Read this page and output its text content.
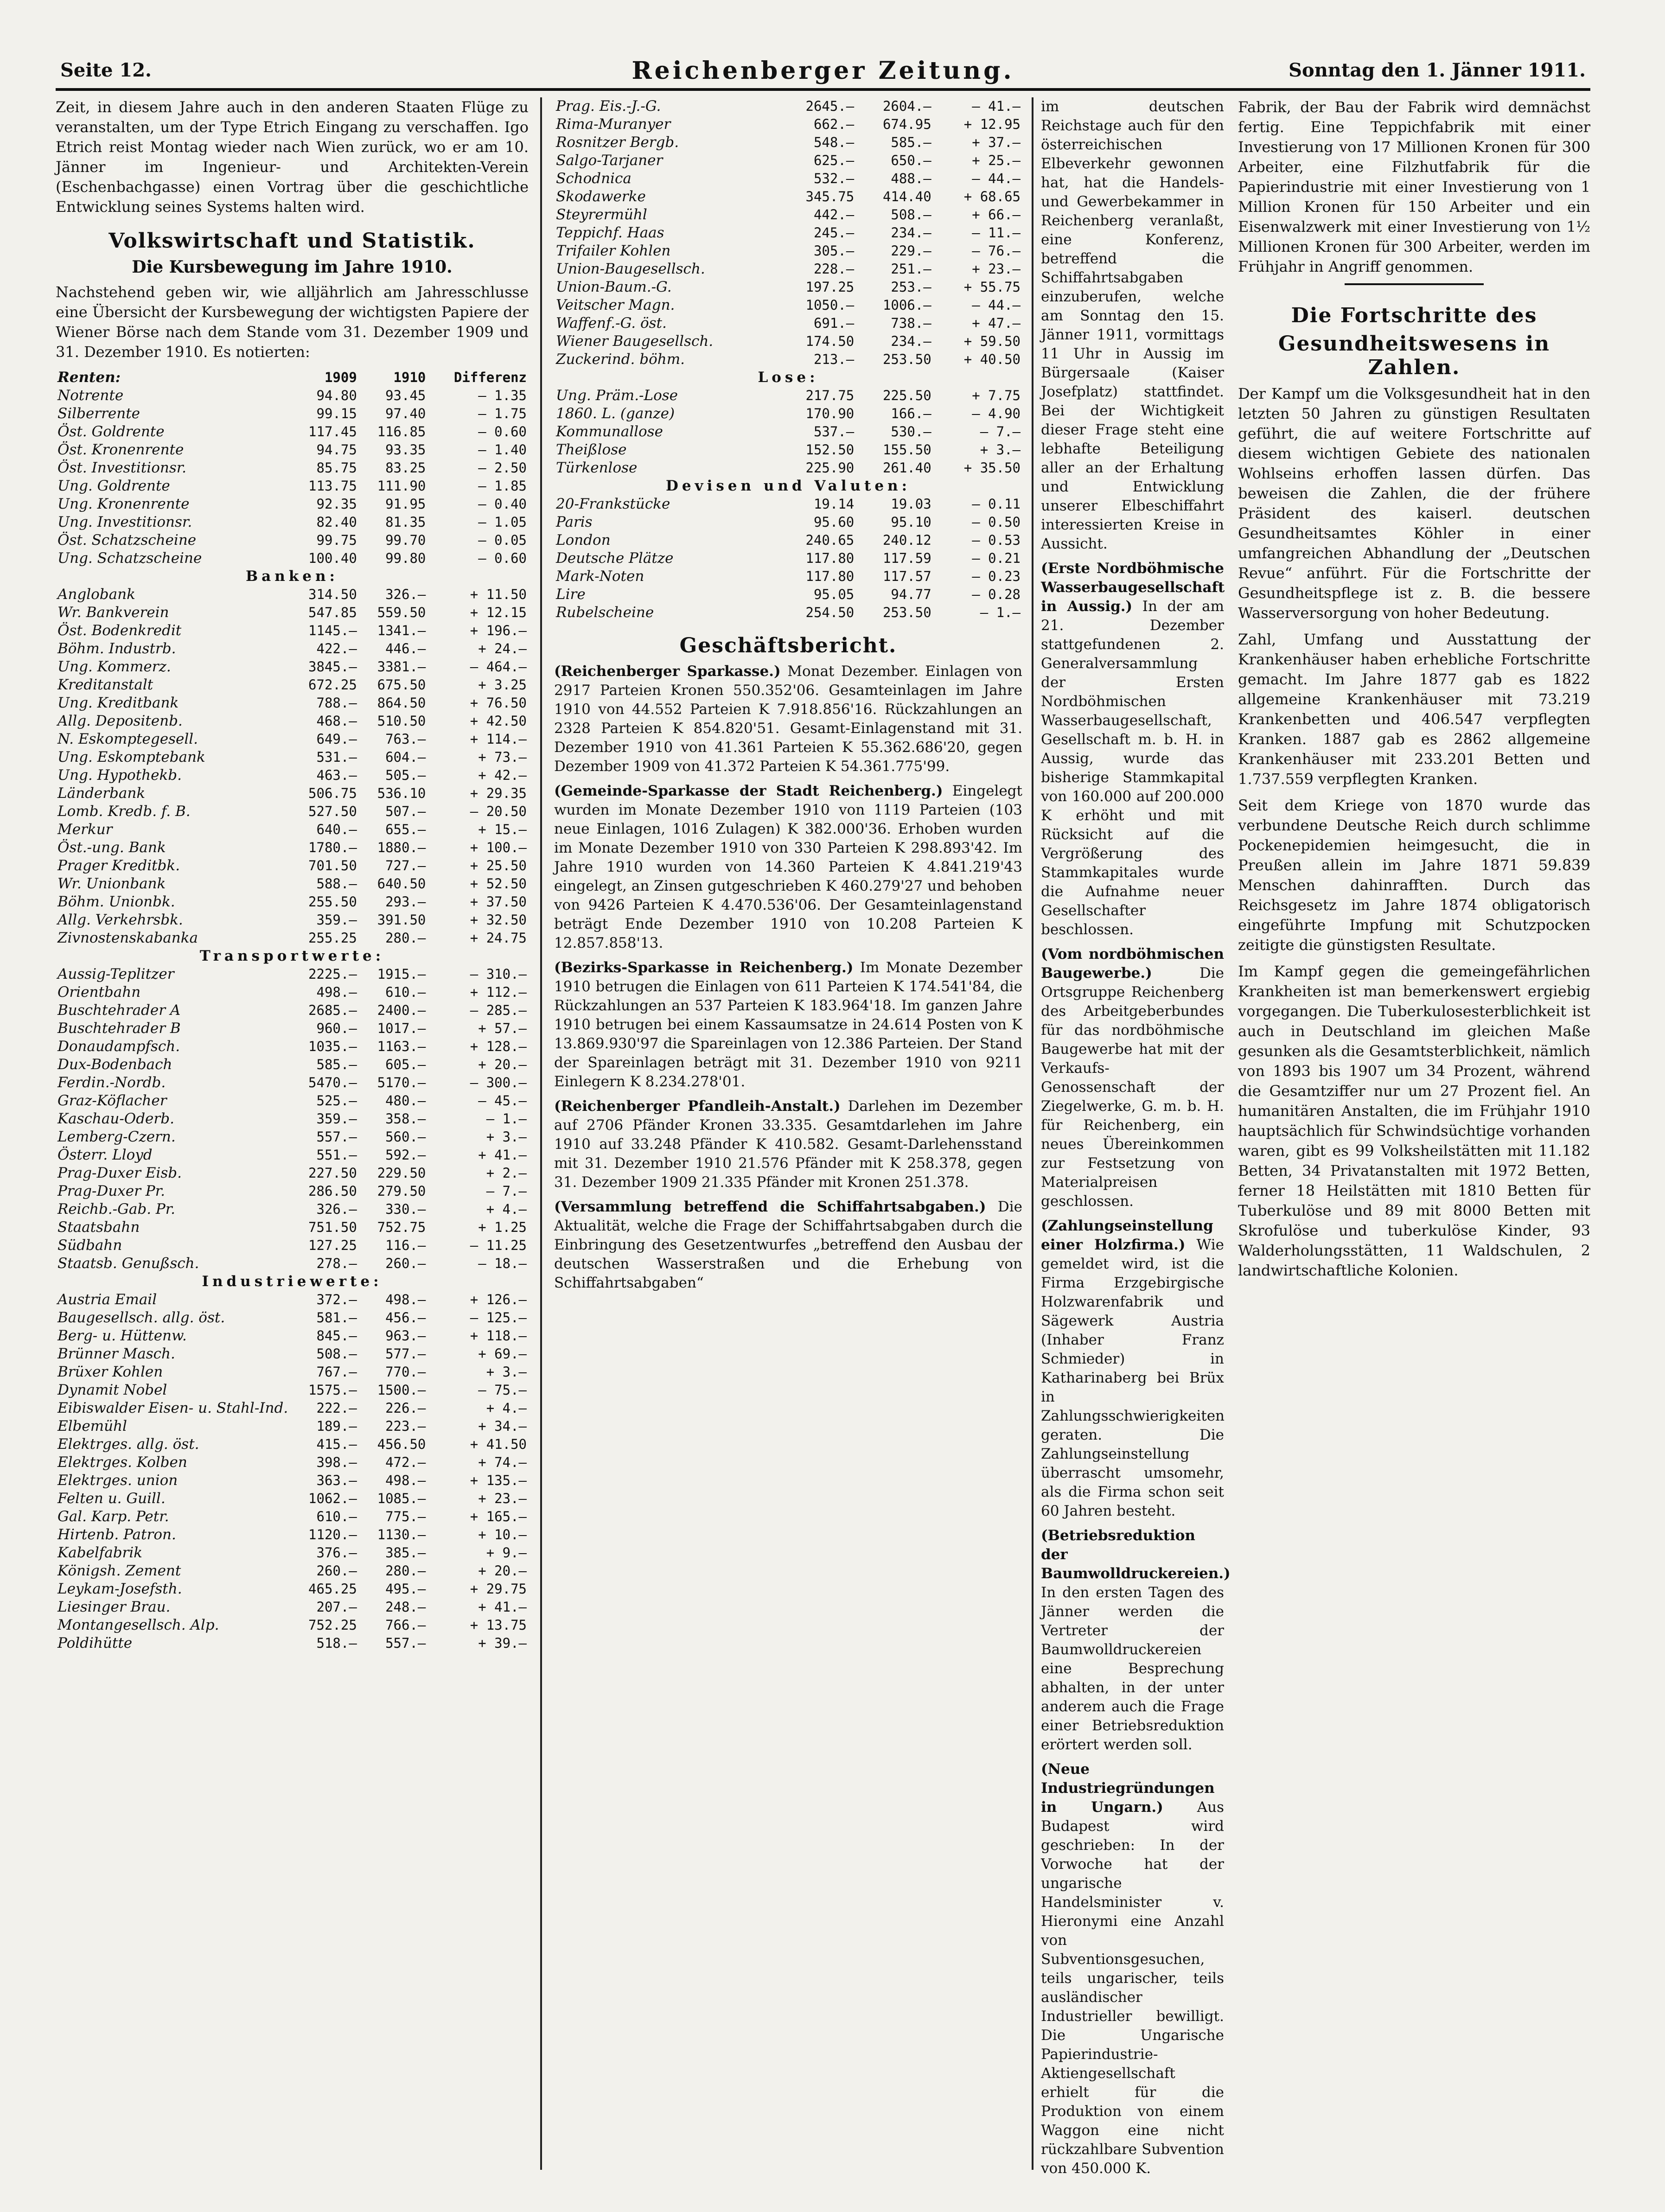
Seite 12.	Reichenberger Zeitung.	Sonntag den 1. Jänner 1911.

Zeit, in diesem Jahre auch in den anderen Staaten Flüge zu veranstalten, um der Type Etrich Eingang zu verschaffen. Igo Etrich reist Montag wieder nach Wien zurück, wo er am 10. Jänner im Ingenieur- und Architekten-Verein (Eschenbachgasse) einen Vortrag über die geschichtliche Entwicklung seines Systems halten wird.

Volkswirtschaft und Statistik.
Die Kursbewegung im Jahre 1910.

Nachstehend geben wir, wie alljährlich am Jahresschlusse eine Übersicht der Kursbewegung der wichtigsten Papiere der Wiener Börse nach dem Stande vom 31. Dezember 1909 und 31. Dezember 1910. Es notierten:

Renten:	1909	1910	Differenz
Notrente	94.80	93.45	— 1.35
Silberrente	99.15	97.40	— 1.75
Öst. Goldrente	117.45	116.85	— 0.60
Öst. Kronenrente	94.75	93.35	— 1.40
Öst. Investitionsr.	85.75	83.25	— 2.50
Ung. Goldrente	113.75	111.90	— 1.85
Ung. Kronenrente	92.35	91.95	— 0.40
Ung. Investitionsr.	82.40	81.35	— 1.05
Öst. Schatzscheine	99.75	99.70	— 0.05
Ung. Schatzscheine	100.40	99.80	— 0.60
Banken:			
Anglobank	314.50	326.—	+ 11.50
Wr. Bankverein	547.85	559.50	+ 12.15
Öst. Bodenkredit	1145.—	1341.—	+ 196.—
Böhm. Industrb.	422.—	446.—	+ 24.—
Ung. Kommerz.	3845.—	3381.—	— 464.—
Kreditanstalt	672.25	675.50	+ 3.25
Ung. Kreditbank	788.—	864.50	+ 76.50
Allg. Depositenb.	468.—	510.50	+ 42.50
N. Eskomptegesell.	649.—	763.—	+ 114.—
Ung. Eskomptebank	531.—	604.—	+ 73.—
Ung. Hypothekb.	463.—	505.—	+ 42.—
Länderbank	506.75	536.10	+ 29.35
Lomb. Kredb. f. B.	527.50	507.—	— 20.50
Merkur	640.—	655.—	+ 15.—
Öst.-ung. Bank	1780.—	1880.—	+ 100.—
Prager Kreditbk.	701.50	727.—	+ 25.50
Wr. Unionbank	588.—	640.50	+ 52.50
Böhm. Unionbk.	255.50	293.—	+ 37.50
Allg. Verkehrsbk.	359.—	391.50	+ 32.50
Zivnostenskabanka	255.25	280.—	+ 24.75
Transportwerte:			
Aussig-Teplitzer	2225.—	1915.—	— 310.—
Orientbahn	498.—	610.—	+ 112.—
Buschtehrader A	2685.—	2400.—	— 285.—
Buschtehrader B	960.—	1017.—	+ 57.—
Donaudampfsch.	1035.—	1163.—	+ 128.—
Dux-Bodenbach	585.—	605.—	+ 20.—
Ferdin.-Nordb.	5470.—	5170.—	— 300.—
Graz-Köflacher	525.—	480.—	— 45.—
Kaschau-Oderb.	359.—	358.—	— 1.—
Lemberg-Czern.	557.—	560.—	+ 3.—
Österr. Lloyd	551.—	592.—	+ 41.—
Prag-Duxer Eisb.	227.50	229.50	+ 2.—
Prag-Duxer Pr.	286.50	279.50	— 7.—
Reichb.-Gab. Pr.	326.—	330.—	+ 4.—
Staatsbahn	751.50	752.75	+ 1.25
Südbahn	127.25	116.—	— 11.25
Staatsb. Genußsch.	278.—	260.—	— 18.—
Industriewerte:			
Austria Email	372.—	498.—	+ 126.—
Baugesellsch. allg. öst.	581.—	456.—	— 125.—
Berg- u. Hüttenw.	845.—	963.—	+ 118.—
Brünner Masch.	508.—	577.—	+ 69.—
Brüxer Kohlen	767.—	770.—	+ 3.—
Dynamit Nobel	1575.—	1500.—	— 75.—
Eibiswalder Eisen- u. Stahl-Ind.	222.—	226.—	+ 4.—
Elbemühl	189.—	223.—	+ 34.—
Elektrges. allg. öst.	415.—	456.50	+ 41.50
Elektrges. Kolben	398.—	472.—	+ 74.—
Elektrges. union	363.—	498.—	+ 135.—
Felten u. Guill.	1062.—	1085.—	+ 23.—
Gal. Karp. Petr.	610.—	775.—	+ 165.—
Hirtenb. Patron.	1120.—	1130.—	+ 10.—
Kabelfabrik	376.—	385.—	+ 9.—
Königsh. Zement	260.—	280.—	+ 20.—
Leykam-Josefsth.	465.25	495.—	+ 29.75
Liesinger Brau.	207.—	248.—	+ 41.—
Montangesellsch. Alp.	752.25	766.—	+ 13.75
Poldihütte	518.—	557.—	+ 39.—
Prag. Eis.-J.-G.	2645.—	2604.—	— 41.—
Rima-Muranyer	662.—	674.95	+ 12.95
Rosnitzer Bergb.	548.—	585.—	+ 37.—
Salgo-Tarjaner	625.—	650.—	+ 25.—
Schodnica	532.—	488.—	— 44.—
Skodawerke	345.75	414.40	+ 68.65
Steyrermühl	442.—	508.—	+ 66.—
Teppichf. Haas	245.—	234.—	— 11.—
Trifailer Kohlen	305.—	229.—	— 76.—
Union-Baugesellsch.	228.—	251.—	+ 23.—
Union-Baum.-G.	197.25	253.—	+ 55.75
Veitscher Magn.	1050.—	1006.—	— 44.—
Waffenf.-G. öst.	691.—	738.—	+ 47.—
Wiener Baugesellsch.	174.50	234.—	+ 59.50
Zuckerind. böhm.	213.—	253.50	+ 40.50
Lose:			
Ung. Präm.-Lose	217.75	225.50	+ 7.75
1860. L. (ganze)	170.90	166.—	— 4.90
Kommunallose	537.—	530.—	— 7.—
Theißlose	152.50	155.50	+ 3.—
Türkenlose	225.90	261.40	+ 35.50
Devisen und Valuten:			
20-Frankstücke	19.14	19.03	— 0.11
Paris	95.60	95.10	— 0.50
London	240.65	240.12	— 0.53
Deutsche Plätze	117.80	117.59	— 0.21
Mark-Noten	117.80	117.57	— 0.23
Lire	95.05	94.77	— 0.28
Rubelscheine	254.50	253.50	— 1.—
Geschäftsbericht.

(Reichenberger Sparkasse.) Monat Dezember. Einlagen von 2917 Parteien Kronen 550.352'06. Gesamteinlagen im Jahre 1910 von 44.552 Parteien K 7.918.856'16. Rückzahlungen an 2328 Parteien K 854.820'51. Gesamt-Einlagenstand mit 31. Dezember 1910 von 41.361 Parteien K 55.362.686'20, gegen Dezember 1909 von 41.372 Parteien K 54.361.775'99.

(Gemeinde-Sparkasse der Stadt Reichenberg.) Eingelegt wurden im Monate Dezember 1910 von 1119 Parteien (103 neue Einlagen, 1016 Zulagen) K 382.000'36. Erhoben wurden im Monate Dezember 1910 von 330 Parteien K 298.893'42. Im Jahre 1910 wurden von 14.360 Parteien K 4.841.219'43 eingelegt, an Zinsen gutgeschrieben K 460.279'27 und behoben von 9426 Parteien K 4.470.536'06. Der Gesamteinlagenstand beträgt Ende Dezember 1910 von 10.208 Parteien K 12.857.858'13.

(Bezirks-Sparkasse in Reichenberg.) Im Monate Dezember 1910 betrugen die Einlagen von 611 Parteien K 174.541'84, die Rückzahlungen an 537 Parteien K 183.964'18. Im ganzen Jahre 1910 betrugen bei einem Kassaumsatze in 24.614 Posten von K 13.869.930'97 die Spareinlagen von 12.386 Parteien. Der Stand der Spareinlagen beträgt mit 31. Dezember 1910 von 9211 Einlegern K 8.234.278'01.

(Reichenberger Pfandleih-Anstalt.) Darlehen im Dezember auf 2706 Pfänder Kronen 33.335. Gesamtdarlehen im Jahre 1910 auf 33.248 Pfänder K 410.582. Gesamt-Darlehensstand mit 31. Dezember 1910 21.576 Pfänder mit K 258.378, gegen 31. Dezember 1909 21.335 Pfänder mit Kronen 251.378.

(Versammlung betreffend die Schiffahrtsabgaben.) Die Aktualität, welche die Frage der Schiffahrtsabgaben durch die Einbringung des Gesetzentwurfes „betreffend den Ausbau der deutschen Wasserstraßen und die Erhebung von Schiffahrtsabgaben“

im deutschen Reichstage auch für den österreichischen Elbeverkehr gewonnen hat, hat die Handels- und Gewerbekammer in Reichenberg veranlaßt, eine Konferenz, betreffend die Schiffahrtsabgaben einzuberufen, welche am Sonntag den 15. Jänner 1911, vormittags 11 Uhr in Aussig im Bürgersaale (Kaiser Josefplatz) stattfindet. Bei der Wichtigkeit dieser Frage steht eine lebhafte Beteiligung aller an der Erhaltung und Entwicklung unserer Elbeschiffahrt interessierten Kreise in Aussicht.

(Erste Nordböhmische Wasserbaugesellschaft in Aussig.) In der am 21. Dezember stattgefundenen 2. Generalversammlung der Ersten Nordböhmischen Wasserbaugesellschaft, Gesellschaft m. b. H. in Aussig, wurde das bisherige Stammkapital von 160.000 auf 200.000 K erhöht und mit Rücksicht auf die Vergrößerung des Stammkapitales wurde die Aufnahme neuer Gesellschafter beschlossen.

(Vom nordböhmischen Baugewerbe.)	Die Ortsgruppe Reichenberg des Arbeitgeberbundes für das nordböhmische Baugewerbe hat mit der Verkaufs-Genossenschaft der Ziegelwerke, G. m. b. H. für Reichenberg, ein neues Übereinkommen zur Festsetzung von Materialpreisen geschlossen.

(Zahlungseinstellung einer Holzfirma.) Wie gemeldet wird, ist die Firma Erzgebirgische Holzwarenfabrik und Sägewerk Austria (Inhaber Franz Schmieder) in Katharinaberg bei Brüx in Zahlungsschwierigkeiten geraten. Die Zahlungseinstellung überrascht umsomehr, als die Firma schon seit 60 Jahren besteht.

(Betriebsreduktion der Baumwolldruckereien.) In den ersten Tagen des Jänner werden die Vertreter der Baumwolldruckereien eine Besprechung abhalten, in der unter anderem auch die Frage einer Betriebsreduktion erörtert werden soll.

(Neue Industriegründungen in Ungarn.) Aus Budapest wird geschrieben: In der Vorwoche hat der ungarische Handelsminister v. Hieronymi eine Anzahl von Subventionsgesuchen, teils ungarischer, teils ausländischer Industrieller bewilligt. Die Ungarische Papierindustrie-Aktiengesellschaft erhielt für die Produktion von einem Waggon eine nicht rückzahlbare Subvention von 450.000 K.

Fabrik, der Bau der Fabrik wird demnächst fertig. Eine Teppichfabrik mit einer Investierung von 17 Millionen Kronen für 300 Arbeiter, eine Filzhutfabrik für die Papierindustrie mit einer Investierung von 1 Million Kronen für 150 Arbeiter und ein Eisenwalzwerk mit einer Investierung von 1½ Millionen Kronen für 300 Arbeiter, werden im Frühjahr in Angriff genommen.

Die Fortschritte des
Gesundheitswesens in Zahlen.

Der Kampf um die Volksgesundheit hat in den letzten 50 Jahren zu günstigen Resultaten geführt, die auf weitere Fortschritte auf diesem wichtigen Gebiete des nationalen Wohlseins erhoffen lassen dürfen. Das beweisen die Zahlen, die der frühere Präsident des kaiserl. deutschen Gesundheitsamtes Köhler in einer umfangreichen Abhandlung der „Deutschen Revue“ anführt. Für die Fortschritte der Gesundheitspflege ist z. B. die bessere Wasserversorgung von hoher Bedeutung.

Zahl, Umfang und Ausstattung der Krankenhäuser haben erhebliche Fortschritte gemacht. Im Jahre 1877 gab es 1822 allgemeine Krankenhäuser mit 73.219 Krankenbetten und 406.547 verpflegten Kranken. 1887 gab es 2862 allgemeine Krankenhäuser mit 233.201 Betten und 1.737.559 verpflegten Kranken.

Seit dem Kriege von 1870 wurde das verbundene Deutsche Reich durch schlimme Pockenepidemien heimgesucht, die in Preußen allein im Jahre 1871 59.839 Menschen dahinrafften. Durch das Reichsgesetz im Jahre 1874 obligatorisch eingeführte Impfung mit Schutzpocken zeitigte die günstigsten Resultate.

Im Kampf gegen die gemeingefährlichen Krankheiten ist man bemerkenswert ergiebig vorgegangen. Die Tuberkulosesterblichkeit ist auch in Deutschland im gleichen Maße gesunken als die Gesamtsterblichkeit, nämlich von 1893 bis 1907 um 34 Prozent, während die Gesamtziffer nur um 27 Prozent fiel. An humanitären Anstalten, die im Frühjahr 1910 hauptsächlich für Schwindsüchtige vorhanden waren, gibt es 99 Volksheilstätten mit 11.182 Betten, 34 Privatanstalten mit 1972 Betten, ferner 18 Heilstätten mit 1810 Betten für Tuberkulöse und 89 mit 8000 Betten mit Skrofulöse und tuberkulöse Kinder, 93 Walderholungsstätten, 11 Waldschulen, 2 landwirtschaftliche Kolonien.
